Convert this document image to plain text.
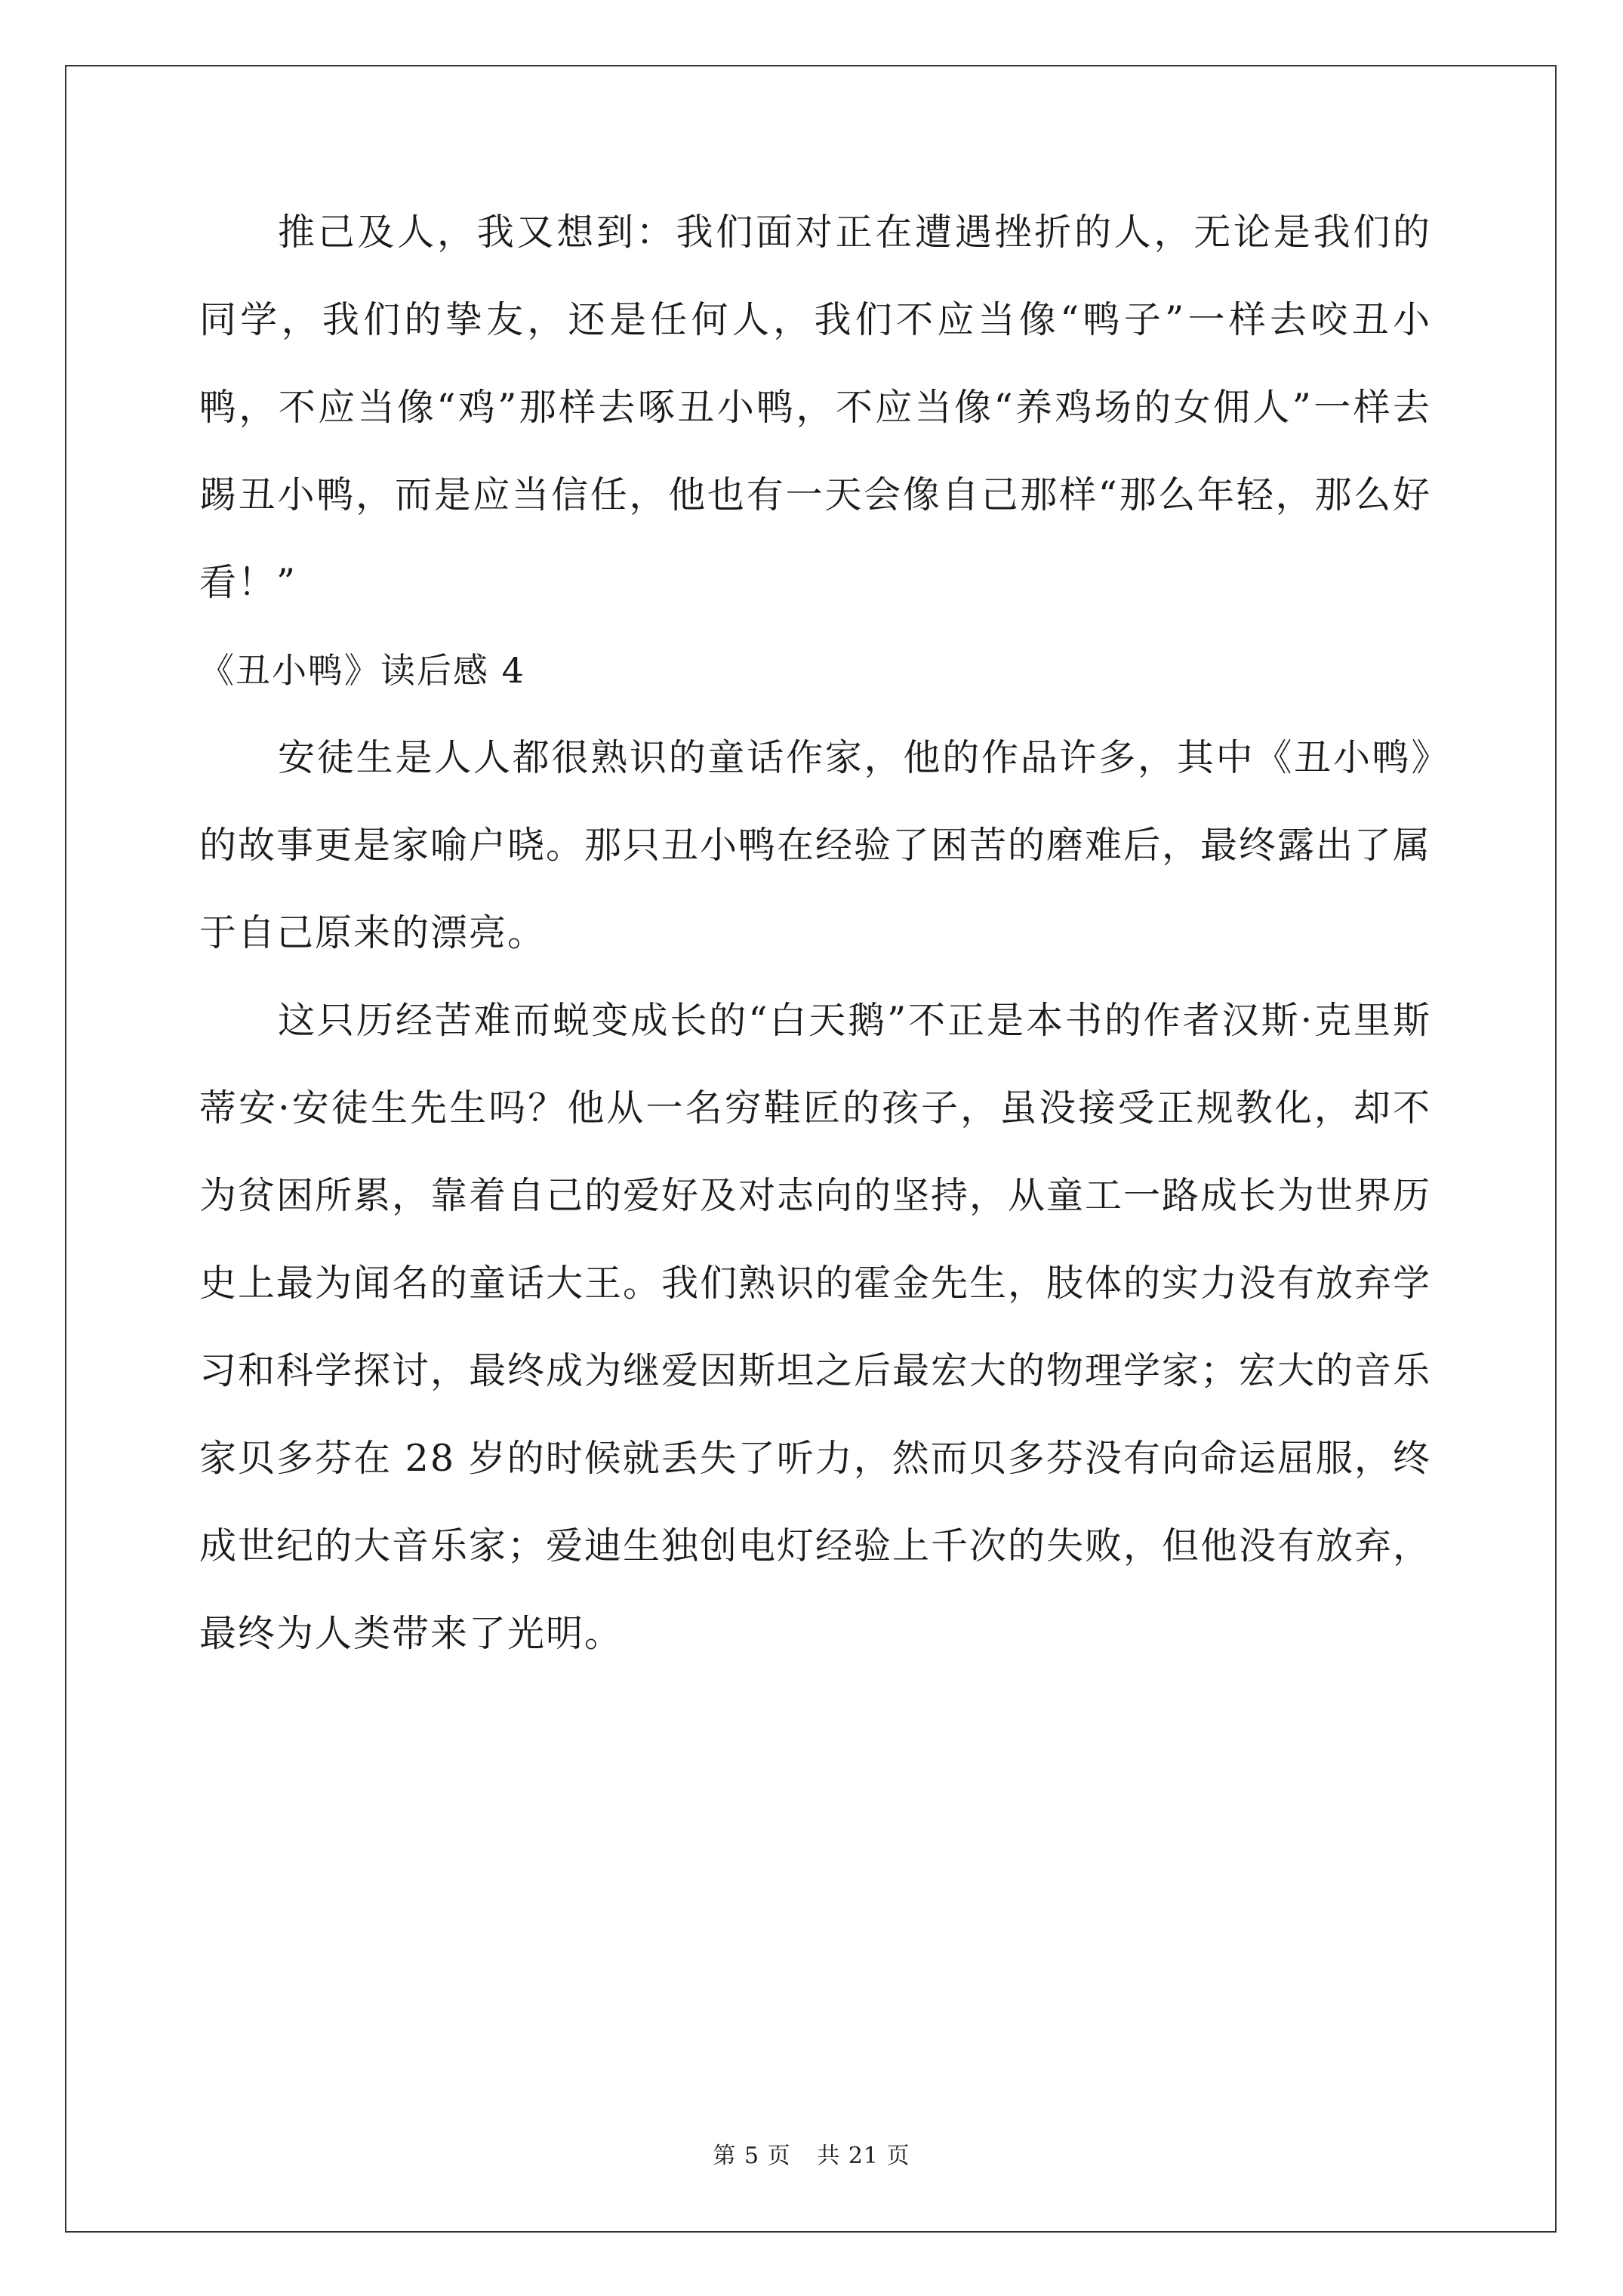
推己及人，我又想到：我们面对正在遭遇挫折的人，无论是我们的同学，我们的挚友，还是任何人，我们不应当像“鸭子”一样去咬丑小鸭，不应当像“鸡”那样去啄丑小鸭，不应当像“养鸡场的女佣人”一样去踢丑小鸭，而是应当信任，他也有一天会像自己那样“那么年轻，那么好看！”

《丑小鸭》读后感 4

安徒生是人人都很熟识的童话作家，他的作品许多，其中《丑小鸭》的故事更是家喻户晓。那只丑小鸭在经验了困苦的磨难后，最终露出了属于自己原来的漂亮。

这只历经苦难而蜕变成长的“白天鹅”不正是本书的作者汉斯·克里斯蒂安·安徒生先生吗？他从一名穷鞋匠的孩子，虽没接受正规教化，却不为贫困所累，靠着自己的爱好及对志向的坚持，从童工一路成长为世界历史上最为闻名的童话大王。我们熟识的霍金先生，肢体的实力没有放弃学习和科学探讨，最终成为继爱因斯坦之后最宏大的物理学家；宏大的音乐家贝多芬在 28 岁的时候就丢失了听力，然而贝多芬没有向命运屈服，终成世纪的大音乐家；爱迪生独创电灯经验上千次的失败，但他没有放弃，最终为人类带来了光明。

第 5 页 共 21 页
